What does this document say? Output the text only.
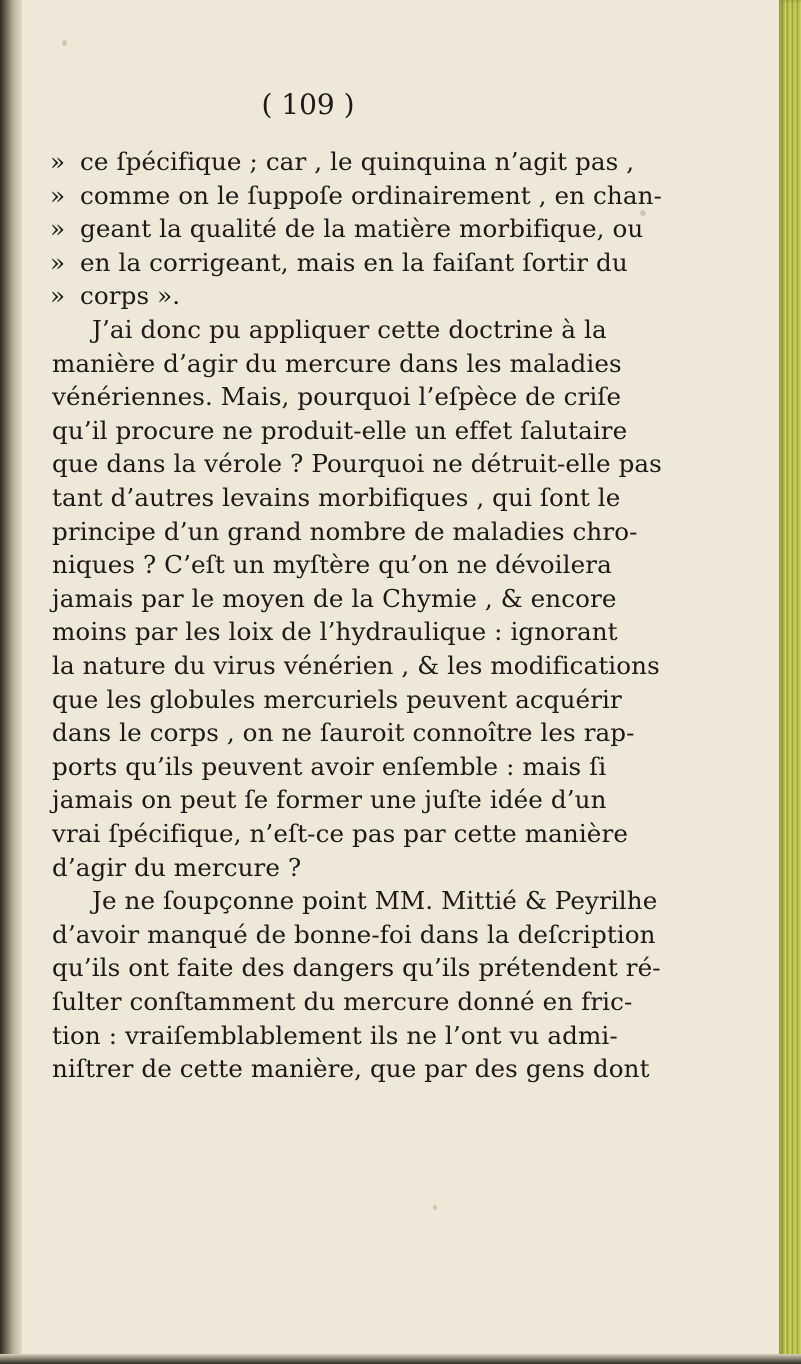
( 109 )
» ce ſpécifique ; car , le quinquina n’agit pas ,
» comme on le ſuppoſe ordinairement , en chan-
» geant la qualité de la matière morbifique, ou
» en la corrigeant, mais en la faiſant ſortir du
» corps ».
J’ai donc pu appliquer cette doctrine à la
manière d’agir du mercure dans les maladies
vénériennes. Mais, pourquoi l’eſpèce de criſe
qu’il procure ne produit-elle un effet ſalutaire
que dans la vérole ? Pourquoi ne détruit-elle pas
tant d’autres levains morbifiques , qui ſont le
principe d’un grand nombre de maladies chro-
niques ? C’eſt un myſtère qu’on ne dévoilera
jamais par le moyen de la Chymie , & encore
moins par les loix de l’hydraulique : ignorant
la nature du virus vénérien , & les modifications
que les globules mercuriels peuvent acquérir
dans le corps , on ne ſauroit connoître les rap-
ports qu’ils peuvent avoir enſemble : mais ſi
jamais on peut ſe former une juſte idée d’un
vrai ſpécifique, n’eſt-ce pas par cette manière
d’agir du mercure ?
Je ne ſoupçonne point MM. Mittié & Peyrilhe
d’avoir manqué de bonne-foi dans la deſcription
qu’ils ont faite des dangers qu’ils prétendent ré-
ſulter conſtamment du mercure donné en fric-
tion : vraiſemblablement ils ne l’ont vu admi-
niſtrer de cette manière, que par des gens dont
